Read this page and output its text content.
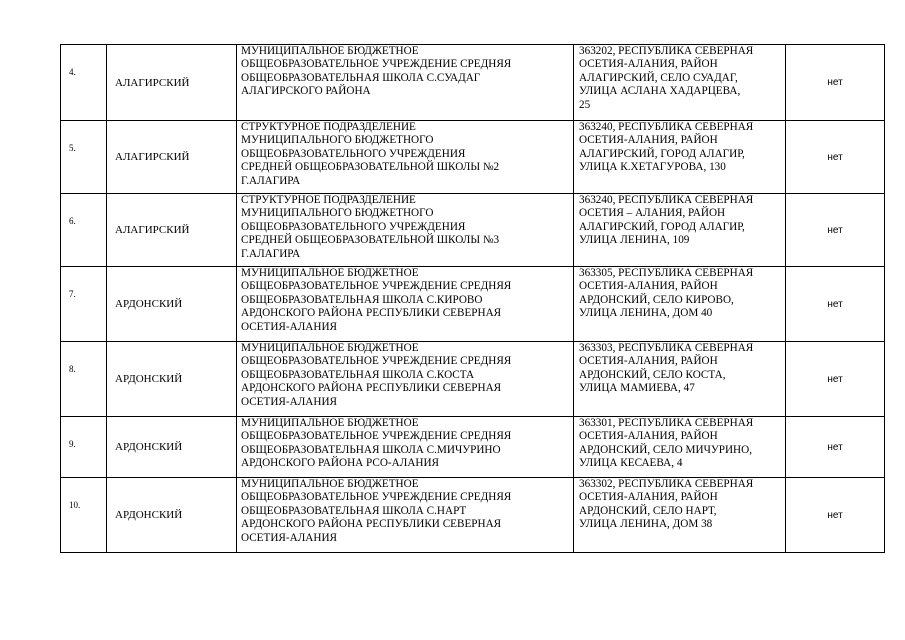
4.	АЛАГИРСКИЙ	МУНИЦИПАЛЬНОЕ БЮДЖЕТНОЕ
ОБЩЕОБРАЗОВАТЕЛЬНОЕ УЧРЕЖДЕНИЕ СРЕДНЯЯ
ОБЩЕОБРАЗОВАТЕЛЬНАЯ ШКОЛА С.СУАДАГ
АЛАГИРСКОГО РАЙОНА	363202, РЕСПУБЛИКА СЕВЕРНАЯ
ОСЕТИЯ-АЛАНИЯ, РАЙОН
АЛАГИРСКИЙ, СЕЛО СУАДАГ,
УЛИЦА АСЛАНА ХАДАРЦЕВА,
25	нет
5.	АЛАГИРСКИЙ	СТРУКТУРНОЕ ПОДРАЗДЕЛЕНИЕ
МУНИЦИПАЛЬНОГО БЮДЖЕТНОГО
ОБЩЕОБРАЗОВАТЕЛЬНОГО УЧРЕЖДЕНИЯ
СРЕДНЕЙ ОБЩЕОБРАЗОВАТЕЛЬНОЙ ШКОЛЫ №2
Г.АЛАГИРА	363240, РЕСПУБЛИКА СЕВЕРНАЯ
ОСЕТИЯ-АЛАНИЯ, РАЙОН
АЛАГИРСКИЙ, ГОРОД АЛАГИР,
УЛИЦА К.ХЕТАГУРОВА, 130	нет
6.	АЛАГИРСКИЙ	СТРУКТУРНОЕ ПОДРАЗДЕЛЕНИЕ
МУНИЦИПАЛЬНОГО БЮДЖЕТНОГО
ОБЩЕОБРАЗОВАТЕЛЬНОГО УЧРЕЖДЕНИЯ
СРЕДНЕЙ ОБЩЕОБРАЗОВАТЕЛЬНОЙ ШКОЛЫ №3
Г.АЛАГИРА	363240, РЕСПУБЛИКА СЕВЕРНАЯ
ОСЕТИЯ – АЛАНИЯ, РАЙОН
АЛАГИРСКИЙ, ГОРОД АЛАГИР,
УЛИЦА ЛЕНИНА, 109	нет
7.	АРДОНСКИЙ	МУНИЦИПАЛЬНОЕ БЮДЖЕТНОЕ
ОБЩЕОБРАЗОВАТЕЛЬНОЕ УЧРЕЖДЕНИЕ СРЕДНЯЯ
ОБЩЕОБРАЗОВАТЕЛЬНАЯ ШКОЛА С.КИРОВО
АРДОНСКОГО РАЙОНА РЕСПУБЛИКИ СЕВЕРНАЯ
ОСЕТИЯ-АЛАНИЯ	363305, РЕСПУБЛИКА СЕВЕРНАЯ
ОСЕТИЯ-АЛАНИЯ, РАЙОН
АРДОНСКИЙ, СЕЛО КИРОВО,
УЛИЦА ЛЕНИНА, ДОМ 40	нет
8.	АРДОНСКИЙ	МУНИЦИПАЛЬНОЕ БЮДЖЕТНОЕ
ОБЩЕОБРАЗОВАТЕЛЬНОЕ УЧРЕЖДЕНИЕ СРЕДНЯЯ
ОБЩЕОБРАЗОВАТЕЛЬНАЯ ШКОЛА С.КОСТА
АРДОНСКОГО РАЙОНА РЕСПУБЛИКИ СЕВЕРНАЯ
ОСЕТИЯ-АЛАНИЯ	363303, РЕСПУБЛИКА СЕВЕРНАЯ
ОСЕТИЯ-АЛАНИЯ, РАЙОН
АРДОНСКИЙ, СЕЛО КОСТА,
УЛИЦА МАМИЕВА, 47	нет
9.	АРДОНСКИЙ	МУНИЦИПАЛЬНОЕ БЮДЖЕТНОЕ
ОБЩЕОБРАЗОВАТЕЛЬНОЕ УЧРЕЖДЕНИЕ СРЕДНЯЯ
ОБЩЕОБРАЗОВАТЕЛЬНАЯ ШКОЛА С.МИЧУРИНО
АРДОНСКОГО РАЙОНА РСО-АЛАНИЯ	363301, РЕСПУБЛИКА СЕВЕРНАЯ
ОСЕТИЯ-АЛАНИЯ, РАЙОН
АРДОНСКИЙ, СЕЛО МИЧУРИНО,
УЛИЦА КЕСАЕВА, 4	нет
10.	АРДОНСКИЙ	МУНИЦИПАЛЬНОЕ БЮДЖЕТНОЕ
ОБЩЕОБРАЗОВАТЕЛЬНОЕ УЧРЕЖДЕНИЕ СРЕДНЯЯ
ОБЩЕОБРАЗОВАТЕЛЬНАЯ ШКОЛА С.НАРТ
АРДОНСКОГО РАЙОНА РЕСПУБЛИКИ СЕВЕРНАЯ
ОСЕТИЯ-АЛАНИЯ	363302, РЕСПУБЛИКА СЕВЕРНАЯ
ОСЕТИЯ-АЛАНИЯ, РАЙОН
АРДОНСКИЙ, СЕЛО НАРТ,
УЛИЦА ЛЕНИНА, ДОМ 38	нет
